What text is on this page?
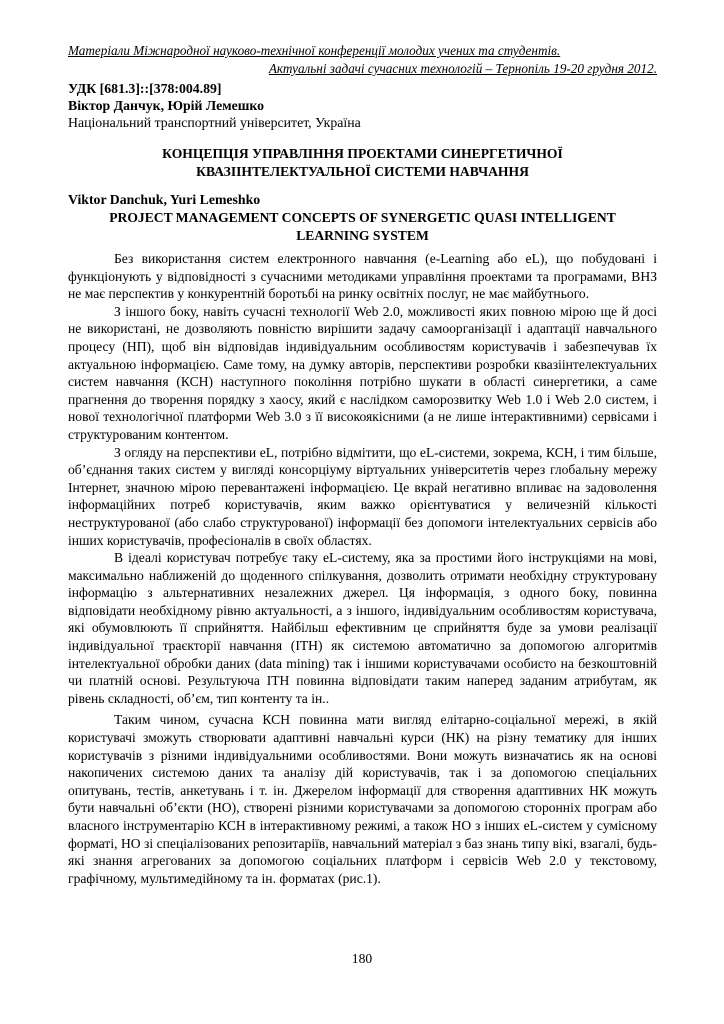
Матеріали Міжнародної науково-технічної конференції молодих учених та студентів.
Актуальні задачі сучасних технологій – Тернопіль 19-20 грудня 2012.
УДК [681.3]::[378:004.89]
Віктор Данчук, Юрій Лемешко
Національний транспортний університет, Україна
КОНЦЕПЦІЯ УПРАВЛІННЯ ПРОЕКТАМИ СИНЕРГЕТИЧНОЇ
КВАЗІІНТЕЛЕКТУАЛЬНОЇ СИСТЕМИ НАВЧАННЯ
Viktor Danchuk, Yuri Lemeshko
PROJECT MANAGEMENT CONCEPTS OF SYNERGETIC QUASI INTELLIGENT
LEARNING SYSTEM

Без використання систем електронного навчання (e-Learning або eL), що побудовані і функціонують у відповідності з сучасними методиками управління проектами та програмами, ВНЗ не має перспектив у конкурентній боротьбі на ринку освітніх послуг, не має майбутнього.

З іншого боку, навіть сучасні технології Web 2.0, можливості яких повною мірою ще й досі не використані, не дозволяють повністю вирішити задачу самоорганізації і адаптації навчального процесу (НП), щоб він відповідав індивідуальним особливостям користувачів і забезпечував їх актуальною інформацією. Саме тому, на думку авторів, перспективи розробки квазіінтелектуальних систем навчання (КСН) наступного покоління потрібно шукати в області синергетики, а саме прагнення до творення порядку з хаосу, який є наслідком саморозвитку Web 1.0 і Web 2.0 систем, і нової технологічної платформи Web 3.0 з її високоякісними (а не лише інтерактивними) сервісами і структурованим контентом.

З огляду на перспективи eL, потрібно відмітити, що eL-системи, зокрема, КСН, і тим більше, об’єднання таких систем у вигляді консорціуму віртуальних університетів через глобальну мережу Інтернет, значною мірою перевантажені інформацією. Це вкрай негативно впливає на задоволення інформаційних потреб користувачів, яким важко орієнтуватися у величезній кількості неструктурованої (або слабо структурованої) інформації без допомоги інтелектуальних сервісів або інших користувачів, професіоналів в своїх областях.

В ідеалі користувач потребує таку eL-систему, яка за простими його інструкціями на мові, максимально наближеній до щоденного спілкування, дозволить отримати необхідну структуровану інформацію з альтернативних незалежних джерел. Ця інформація, з одного боку, повинна відповідати необхідному рівню актуальності, а з іншого, індивідуальним особливостям користувача, які обумовлюють її сприйняття. Найбільш ефективним це сприйняття буде за умови реалізації індивідуальної траєкторії навчання (ІТН) як системою автоматично за допомогою алгоритмів інтелектуальної обробки даних (data mining) так і іншими користувачами особисто на безкоштовній чи платній основі. Результуюча ІТН повинна відповідати таким наперед заданим атрибутам, як рівень складності, об’єм, тип контенту та ін..

Таким чином, сучасна КСН повинна мати вигляд елітарно-соціальної мережі, в якій користувачі зможуть створювати адаптивні навчальні курси (НК) на різну тематику для інших користувачів з різними індивідуальними особливостями. Вони можуть визначатись як на основі накопичених системою даних та аналізу дій користувачів, так і за допомогою спеціальних опитувань, тестів, анкетувань і т. ін. Джерелом інформації для створення адаптивних НК можуть бути навчальні об’єкти (НО), створені різними користувачами за допомогою сторонніх програм або власного інструментарію КСН в інтерактивному режимі, а також НО з інших eL-систем у сумісному форматі, НО зі спеціалізованих репозитаріїв, навчальний матеріал з баз знань типу вікі, взагалі, будь-які знання агрегованих за допомогою соціальних платформ і сервісів Web 2.0 у текстовому, графічному, мультимедійному та ін. форматах (рис.1).

180
